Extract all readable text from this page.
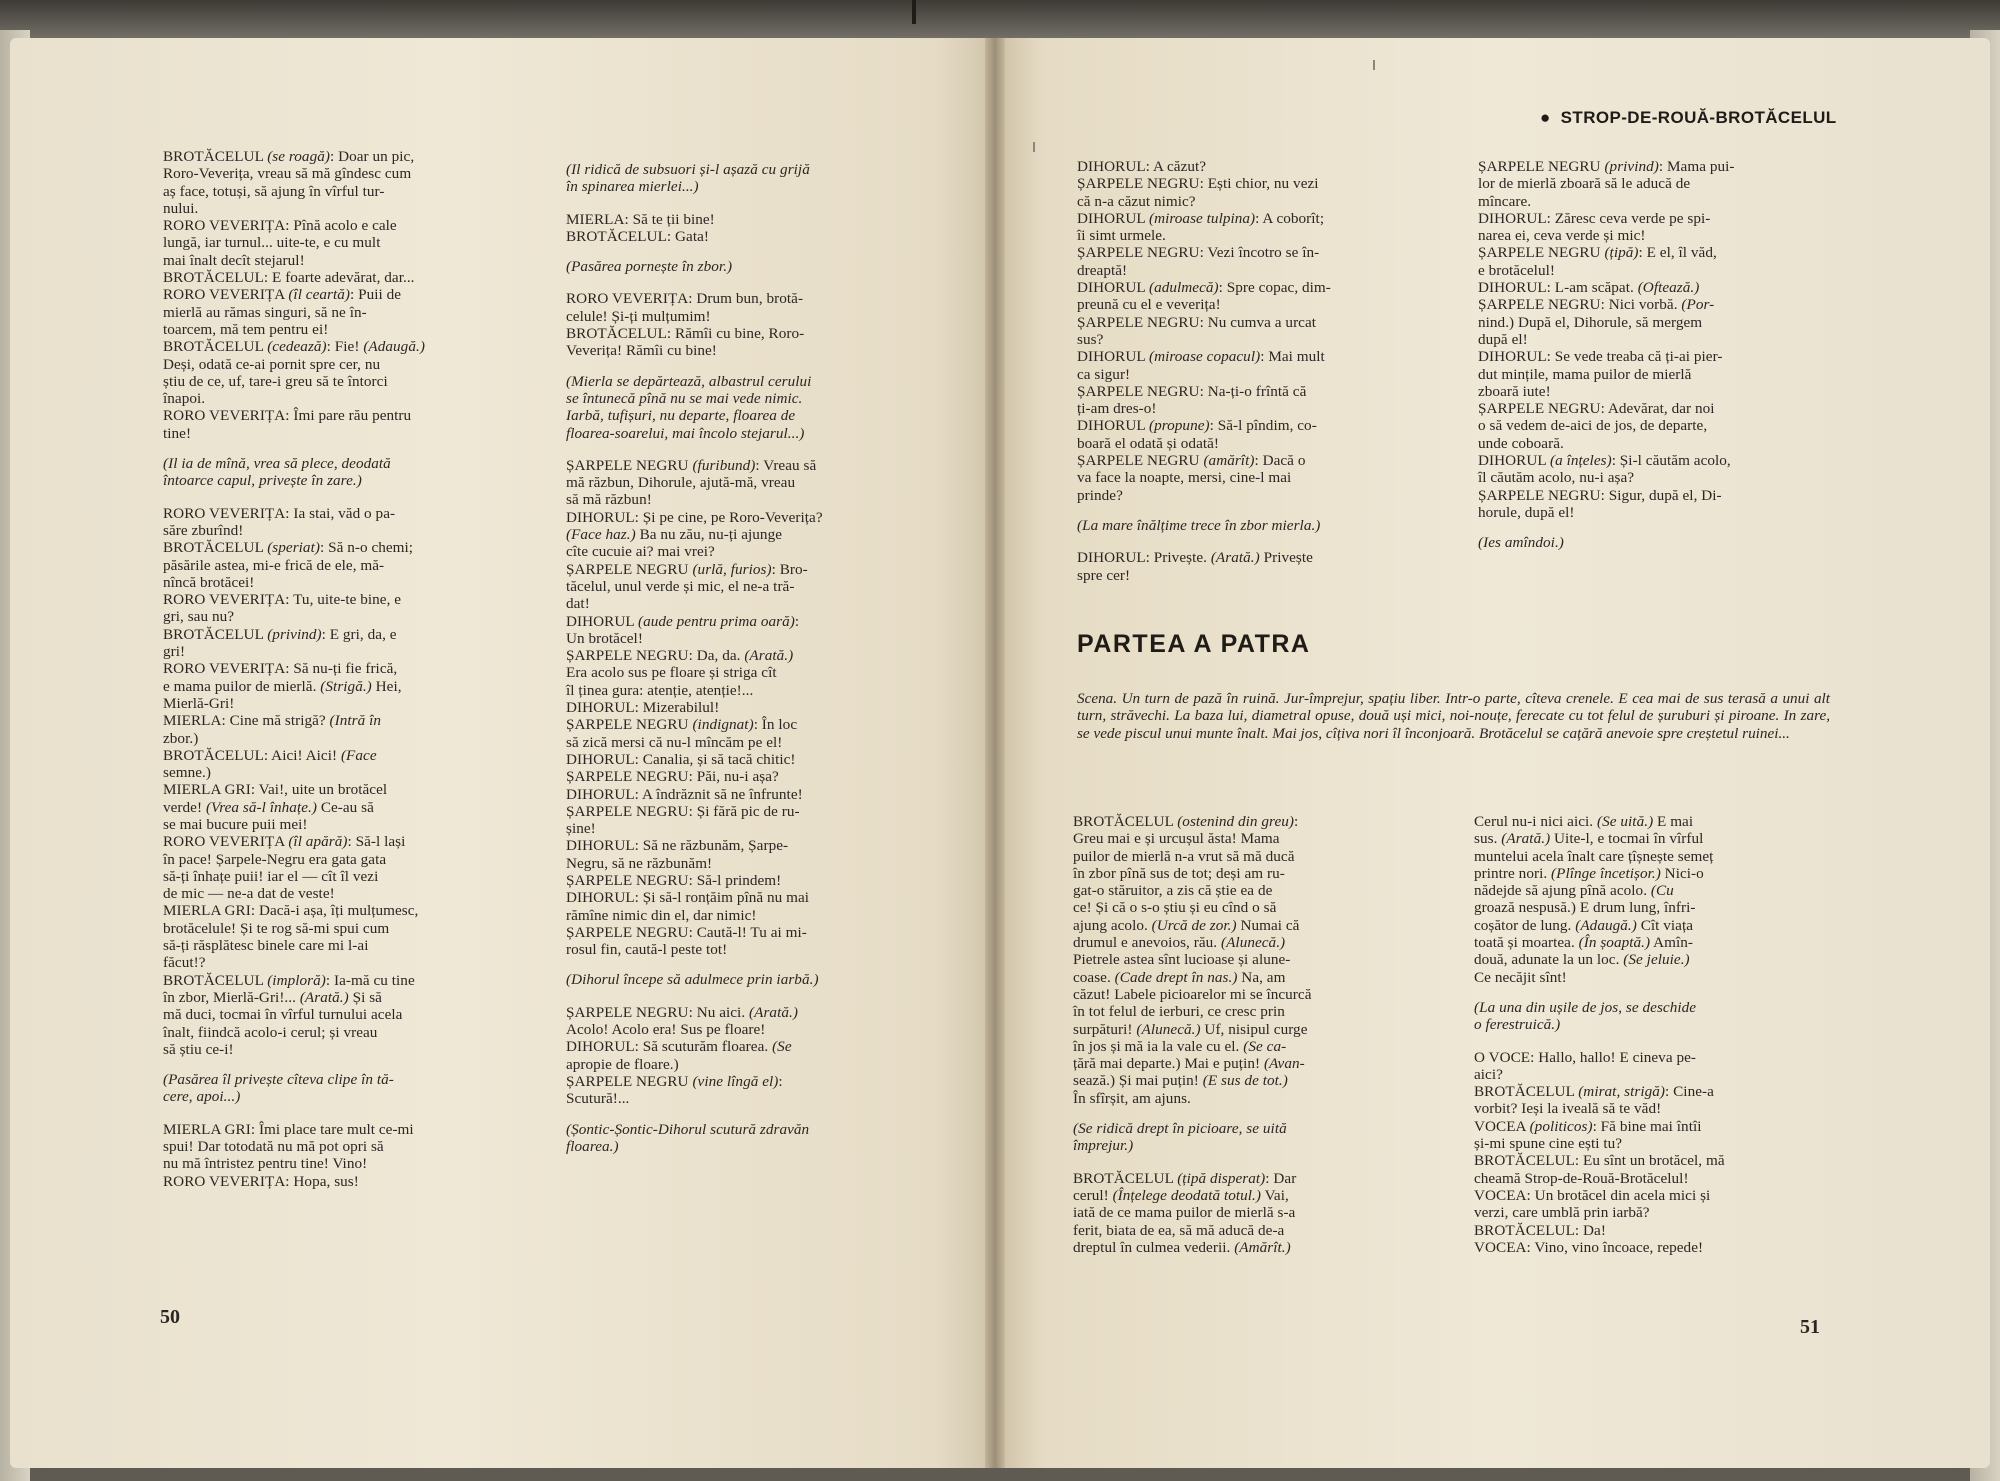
BROTĂCELUL (se roagă): Doar un pic,
Roro-Veverița, vreau să mă gîndesc cum
aș face, totuși, să ajung în vîrful tur-
nului.
RORO VEVERIȚA: Pînă acolo e cale
lungă, iar turnul... uite-te, e cu mult
mai înalt decît stejarul!
BROTĂCELUL: E foarte adevărat, dar...
RORO VEVERIȚA (îl ceartă): Puii de
mierlă au rămas singuri, să ne în-
toarcem, mă tem pentru ei!
BROTĂCELUL (cedează): Fie! (Adaugă.)
Deși, odată ce-ai pornit spre cer, nu
știu de ce, uf, tare-i greu să te întorci
înapoi.
RORO VEVERIȚA: Îmi pare rău pentru
tine!
(Il ia de mînă, vrea să plece, deodată
întoarce capul, privește în zare.)
RORO VEVERIȚA: Ia stai, văd o pa-
săre zburînd!
BROTĂCELUL (speriat): Să n-o chemi;
păsările astea, mi-e frică de ele, mă-
nîncă brotăcei!
RORO VEVERIȚA: Tu, uite-te bine, e
gri, sau nu?
BROTĂCELUL (privind): E gri, da, e
gri!
RORO VEVERIȚA: Să nu-ți fie frică,
e mama puilor de mierlă. (Strigă.) Hei,
Mierlă-Gri!
MIERLA: Cine mă strigă? (Intră în
zbor.)
BROTĂCELUL: Aici! Aici! (Face
semne.)
MIERLA GRI: Vai!, uite un brotăcel
verde! (Vrea să-l înhațe.) Ce-au să
se mai bucure puii mei!
RORO VEVERIȚA (îl apără): Să-l lași
în pace! Șarpele-Negru era gata gata
să-ți înhațe puii! iar el — cît îl vezi
de mic — ne-a dat de veste!
MIERLA GRI: Dacă-i așa, îți mulțumesc,
brotăcelule! Și te rog să-mi spui cum
să-ți răsplătesc binele care mi l-ai
făcut!?
BROTĂCELUL (imploră): Ia-mă cu tine
în zbor, Mierlă-Gri!... (Arată.) Și să
mă duci, tocmai în vîrful turnului acela
înalt, fiindcă acolo-i cerul; și vreau
să știu ce-i!
(Pasărea îl privește cîteva clipe în tă-
cere, apoi...)
MIERLA GRI: Îmi place tare mult ce-mi
spui! Dar totodată nu mă pot opri să
nu mă întristez pentru tine! Vino!
RORO VEVERIȚA: Hopa, sus!
(Il ridică de subsuori și-l așază cu grijă
în spinarea mierlei...)
MIERLA: Să te ții bine!
BROTĂCELUL: Gata!
(Pasărea pornește în zbor.)
RORO VEVERIȚA: Drum bun, brotă-
celule! Și-ți mulțumim!
BROTĂCELUL: Rămîi cu bine, Roro-
Veverița! Rămîi cu bine!
(Mierla se depărtează, albastrul cerului
se întunecă pînă nu se mai vede nimic.
Iarbă, tufișuri, nu departe, floarea de
floarea-soarelui, mai încolo stejarul...)
ȘARPELE NEGRU (furibund): Vreau să
mă răzbun, Dihorule, ajută-mă, vreau
să mă răzbun!
DIHORUL: Și pe cine, pe Roro-Veverița?
(Face haz.) Ba nu zău, nu-ți ajunge
cîte cucuie ai? mai vrei?
ȘARPELE NEGRU (urlă, furios): Bro-
tăcelul, unul verde și mic, el ne-a tră-
dat!
DIHORUL (aude pentru prima oară):
Un brotăcel!
ȘARPELE NEGRU: Da, da. (Arată.)
Era acolo sus pe floare și striga cît
îl ținea gura: atenție, atenție!...
DIHORUL: Mizerabilul!
ȘARPELE NEGRU (indignat): În loc
să zică mersi că nu-l mîncăm pe el!
DIHORUL: Canalia, și să tacă chitic!
ȘARPELE NEGRU: Păi, nu-i așa?
DIHORUL: A îndrăznit să ne înfrunte!
ȘARPELE NEGRU: Și fără pic de ru-
șine!
DIHORUL: Să ne răzbunăm, Șarpe-
Negru, să ne răzbunăm!
ȘARPELE NEGRU: Să-l prindem!
DIHORUL: Și să-l ronțăim pînă nu mai
rămîne nimic din el, dar nimic!
ȘARPELE NEGRU: Caută-l! Tu ai mi-
rosul fin, caută-l peste tot!
(Dihorul începe să adulmece prin iarbă.)
ȘARPELE NEGRU: Nu aici. (Arată.)
Acolo! Acolo era! Sus pe floare!
DIHORUL: Să scuturăm floarea. (Se
apropie de floare.)
ȘARPELE NEGRU (vine lîngă el):
Scutură!...
(Șontic-Șontic-Dihorul scutură zdravăn
floarea.)
50
● STROP-DE-ROUĂ-BROTĂCELUL
DIHORUL: A căzut?
ȘARPELE NEGRU: Ești chior, nu vezi
că n-a căzut nimic?
DIHORUL (miroase tulpina): A coborît;
îi simt urmele.
ȘARPELE NEGRU: Vezi încotro se în-
dreaptă!
DIHORUL (adulmecă): Spre copac, dim-
preună cu el e veverița!
ȘARPELE NEGRU: Nu cumva a urcat
sus?
DIHORUL (miroase copacul): Mai mult
ca sigur!
ȘARPELE NEGRU: Na-ți-o frîntă că
ți-am dres-o!
DIHORUL (propune): Să-l pîndim, co-
boară el odată și odată!
ȘARPELE NEGRU (amărît): Dacă o
va face la noapte, mersi, cine-l mai
prinde?
(La mare înălțime trece în zbor mierla.)
DIHORUL: Privește. (Arată.) Privește
spre cer!
ȘARPELE NEGRU (privind): Mama pui-
lor de mierlă zboară să le aducă de
mîncare.
DIHORUL: Zăresc ceva verde pe spi-
narea ei, ceva verde și mic!
ȘARPELE NEGRU (țipă): E el, îl văd,
e brotăcelul!
DIHORUL: L-am scăpat. (Oftează.)
ȘARPELE NEGRU: Nici vorbă. (Por-
nind.) După el, Dihorule, să mergem
după el!
DIHORUL: Se vede treaba că ți-ai pier-
dut mințile, mama puilor de mierlă
zboară iute!
ȘARPELE NEGRU: Adevărat, dar noi
o să vedem de-aici de jos, de departe,
unde coboară.
DIHORUL (a înțeles): Și-l căutăm acolo,
îl căutăm acolo, nu-i așa?
ȘARPELE NEGRU: Sigur, după el, Di-
horule, după el!
(Ies amîndoi.)
PARTEA A PATRA
Scena. Un turn de pază în ruină. Jur-împrejur, spațiu liber. Intr-o parte, cîteva crenele. E cea mai de sus terasă a unui alt turn, străvechi. La baza lui, diametral opuse, două uși mici, noi-nouțe, ferecate cu tot felul de șuruburi și piroane. In zare, se vede piscul unui munte înalt. Mai jos, cîțiva nori îl înconjoară. Brotăcelul se cațără anevoie spre creștetul ruinei...
BROTĂCELUL (ostenind din greu):
Greu mai e și urcușul ăsta! Mama
puilor de mierlă n-a vrut să mă ducă
în zbor pînă sus de tot; deși am ru-
gat-o stăruitor, a zis că știe ea de
ce! Și că o s-o știu și eu cînd o să
ajung acolo. (Urcă de zor.) Numai că
drumul e anevoios, rău. (Alunecă.)
Pietrele astea sînt lucioase și alune-
coase. (Cade drept în nas.) Na, am
căzut! Labele picioarelor mi se încurcă
în tot felul de ierburi, ce cresc prin
surpături! (Alunecă.) Uf, nisipul curge
în jos și mă ia la vale cu el. (Se ca-
țără mai departe.) Mai e puțin! (Avan-
sează.) Și mai puțin! (E sus de tot.)
În sfîrșit, am ajuns.
(Se ridică drept în picioare, se uită
împrejur.)
BROTĂCELUL (țipă disperat): Dar
cerul! (Înțelege deodată totul.) Vai,
iată de ce mama puilor de mierlă s-a
ferit, biata de ea, să mă aducă de-a
dreptul în culmea vederii. (Amărît.)
Cerul nu-i nici aici. (Se uită.) E mai
sus. (Arată.) Uite-l, e tocmai în vîrful
muntelui acela înalt care țîșnește semeț
printre nori. (Plînge încetișor.) Nici-o
nădejde să ajung pînă acolo. (Cu
groază nespusă.) E drum lung, înfri-
coșător de lung. (Adaugă.) Cît viața
toată și moartea. (În șoaptă.) Amîn-
două, adunate la un loc. (Se jeluie.)
Ce necăjit sînt!
(La una din ușile de jos, se deschide
o ferestruică.)
O VOCE: Hallo, hallo! E cineva pe-
aici?
BROTĂCELUL (mirat, strigă): Cine-a
vorbit? Ieși la iveală să te văd!
VOCEA (politicos): Fă bine mai întîi
și-mi spune cine ești tu?
BROTĂCELUL: Eu sînt un brotăcel, mă
cheamă Strop-de-Rouă-Brotăcelul!
VOCEA: Un brotăcel din acela mici și
verzi, care umblă prin iarbă?
BROTĂCELUL: Da!
VOCEA: Vino, vino încoace, repede!
51
